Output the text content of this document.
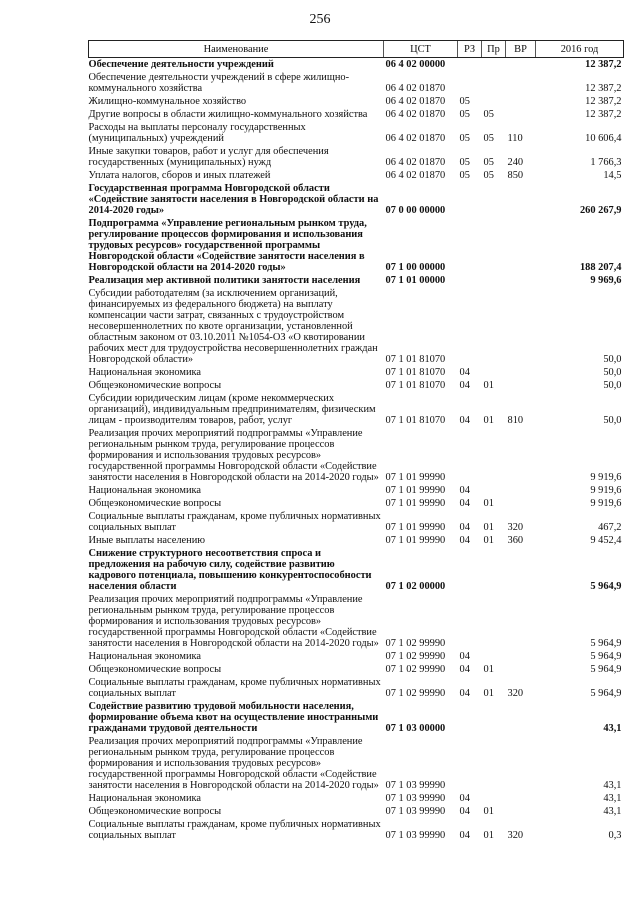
256
Наименование	ЦСТ	РЗ	Пр	ВР	2016 год
Обеспечение деятельности учреждений	06 4 02 00000				12 387,2
Обеспечение деятельности учреждений в сфере жилищно-коммунального хозяйства	06 4 02 01870				12 387,2
Жилищно-коммунальное хозяйство	06 4 02 01870	05			12 387,2
Другие вопросы в области жилищно-коммунального хозяйства	06 4 02 01870	05	05		12 387,2
Расходы на выплаты персоналу государственных (муниципальных) учреждений	06 4 02 01870	05	05	110	10 606,4
Иные закупки товаров, работ и услуг для обеспечения государственных (муниципальных) нужд	06 4 02 01870	05	05	240	1 766,3
Уплата налогов, сборов и иных платежей	06 4 02 01870	05	05	850	14,5
Государственная программа Новгородской области «Содействие занятости населения в Новгородской области на 2014-2020 годы»	07 0 00 00000				260 267,9
Подпрограмма «Управление региональным рынком труда, регулирование процессов формирования и использования трудовых ресурсов» государственной программы Новгородской области «Содействие занятости населения в Новгородской области на 2014-2020 годы»	07 1 00 00000				188 207,4
Реализация мер активной политики занятости населения	07 1 01 00000				9 969,6
Субсидии работодателям (за исключением организаций, финансируемых из федерального бюджета) на выплату компенсации части затрат, связанных с трудоустройством несовершеннолетних по квоте организации, установленной областным законом от 03.10.2011 №1054-ОЗ «О квотировании рабочих мест для трудоустройства несовершеннолетних граждан Новгородской области»	07 1 01 81070				50,0
Национальная экономика	07 1 01 81070	04			50,0
Общеэкономические вопросы	07 1 01 81070	04	01		50,0
Субсидии юридическим лицам (кроме некоммерческих организаций), индивидуальным предпринимателям, физическим лицам - производителям товаров, работ, услуг	07 1 01 81070	04	01	810	50,0
Реализация прочих мероприятий подпрограммы «Управление региональным рынком труда, регулирование процессов формирования и использования трудовых ресурсов» государственной программы Новгородской области «Содействие занятости населения в Новгородской области на 2014-2020 годы»	07 1 01 99990				9 919,6
Национальная экономика	07 1 01 99990	04			9 919,6
Общеэкономические вопросы	07 1 01 99990	04	01		9 919,6
Социальные выплаты гражданам, кроме публичных нормативных социальных выплат	07 1 01 99990	04	01	320	467,2
Иные выплаты населению	07 1 01 99990	04	01	360	9 452,4
Снижение структурного несоответствия спроса и предложения на рабочую силу, содействие развитию кадрового потенциала, повышению конкурентоспособности населения области	07 1 02 00000				5 964,9
Реализация прочих мероприятий подпрограммы «Управление региональным рынком труда, регулирование процессов формирования и использования трудовых ресурсов» государственной программы Новгородской области «Содействие занятости населения в Новгородской области на 2014-2020 годы»	07 1 02 99990				5 964,9
Национальная экономика	07 1 02 99990	04			5 964,9
Общеэкономические вопросы	07 1 02 99990	04	01		5 964,9
Социальные выплаты гражданам, кроме публичных нормативных социальных выплат	07 1 02 99990	04	01	320	5 964,9
Содействие развитию трудовой мобильности населения, формирование объема квот на осуществление иностранными гражданами трудовой деятельности	07 1 03 00000				43,1
Реализация прочих мероприятий подпрограммы «Управление региональным рынком труда, регулирование процессов формирования и использования трудовых ресурсов» государственной программы Новгородской области «Содействие занятости населения в Новгородской области на 2014-2020 годы»	07 1 03 99990				43,1
Национальная экономика	07 1 03 99990	04			43,1
Общеэкономические вопросы	07 1 03 99990	04	01		43,1
Социальные выплаты гражданам, кроме публичных нормативных социальных выплат	07 1 03 99990	04	01	320	0,3
